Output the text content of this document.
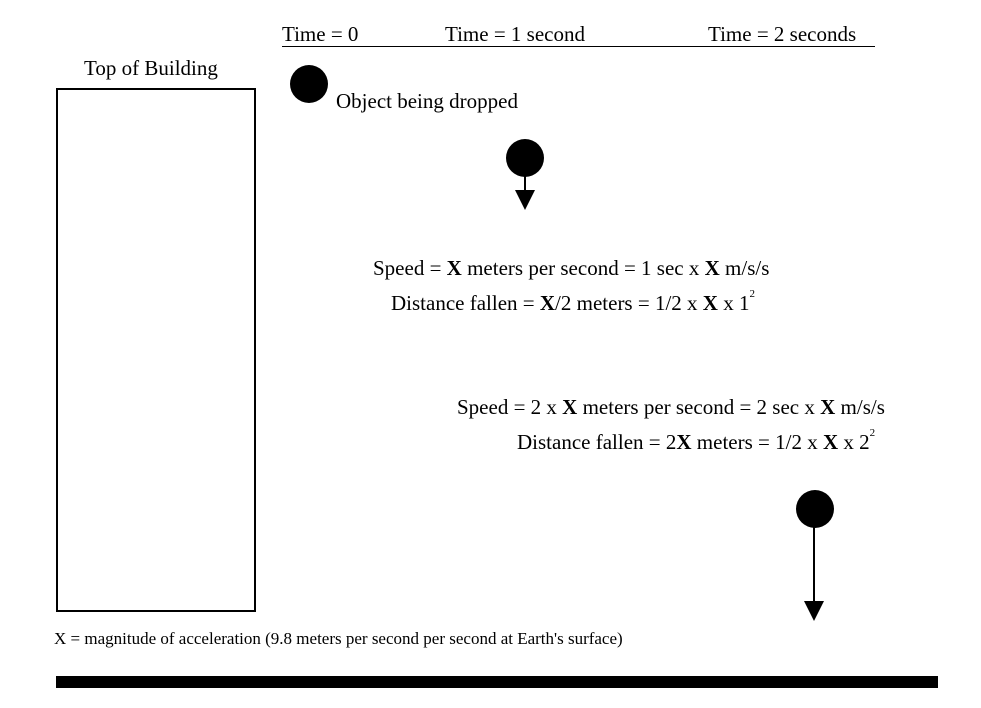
Time = 0	Time = 1 second	Time = 2 seconds
Top of Building
Object being dropped
Speed = X meters per second = 1 sec x X m/s/s
Distance fallen = X/2 meters = 1/2 x X x $1^2$
Speed = 2 x X meters per second = 2 sec x X m/s/s
Distance fallen = 2X meters = 1/2 x X x $2^2$
X = magnitude of acceleration (9.8 meters per second per second at Earth's surface)
